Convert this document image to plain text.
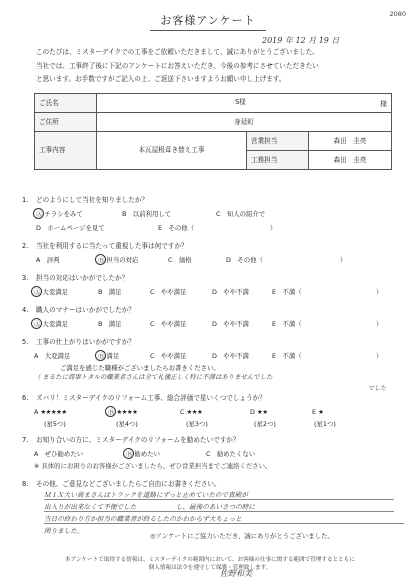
2080
お客様アンケート
2019 年 12 月 19 日
このたびは、ミスターデイクでの工事をご依頼いただきまして、誠にありがとうございました。
当社では、工事終了後に下記のアンケートにお答えいただき、今後の参考にさせていただきたい
と思います。お手数ですがご記入の上、ご返送下さいますようお願い申し上げます。
ご氏名	S様 様		

ご住所	身延町		
工事内容	本瓦屋根葺き替え工事	営業担当	森田　圭亮
		工務担当	森田　圭亮
1. どのようにして当社を知りましたか？
Ⓐ チラシをみて	B　以前利用して	C　知人の紹介で
D　ホームページを見て	E　その他（	）
2. 当社を利用するに当たって重視した事は何ですか？
A　評判	Ⓑ 担当の対応	C　価格	D　その他（	）
3. 担当の対応はいかがでしたか？
Ⓐ 大変満足	B　満足	C　やや満足	D　やや不満	E　不満（	）
4. 職人のマナーはいかがでしたか？
Ⓐ 大変満足	B　満足	C　やや満足	D　やや不満	E　不満（	）
5. 工事の仕上がりはいかがですか？
A　大変満足	Ⓑ 満足	C　やや満足	D　やや不満	E　不満（	）
ご満足を感じた職種がございましたらお書きください。
（ まるたに商事トタルの職業者さんは全て礼儀正しく特に不満はありませんでした
でした
6. ズバリ！ミスターデイクのリフォーム工事、総合評価で星いくつでしょうか？
A ★★★★★	Ⓑ ★★★★	C ★★★	D ★★	E ★
(星5つ)	(星4つ)	(星3つ)	(星2つ)	(星1つ)
7. お知り合いの方に、ミスターデイクのリフォームを勧めたいですか？
A　ぜひ勧めたい	Ⓑ 勧めたい	C　勧めたくない
※ 具体的にお困りのお客様がございましたら、ぜひ営業担当までご連絡ください。
8. その他、ご意見などございましたらご自由にお書きください。
ＭＩＸ大い高まさんはトラックを道路にずっと止めていたので貴殿が
出入りが出来なくて不便でした　　　　　　し、最後のあいさつの時に
当日の終わり方か担当の職業者が終るしたのかわからず大ちょっと
困りました。
◎アンケートにご協力いただき、誠にありがとうございました。
本アンケートで取得する情報は、ミスターデイクの範囲内において、お客様の仕事に関する範囲で管理するとともに
個人情報は法令を遵守して保護・管理致します。
佐野和美　　
